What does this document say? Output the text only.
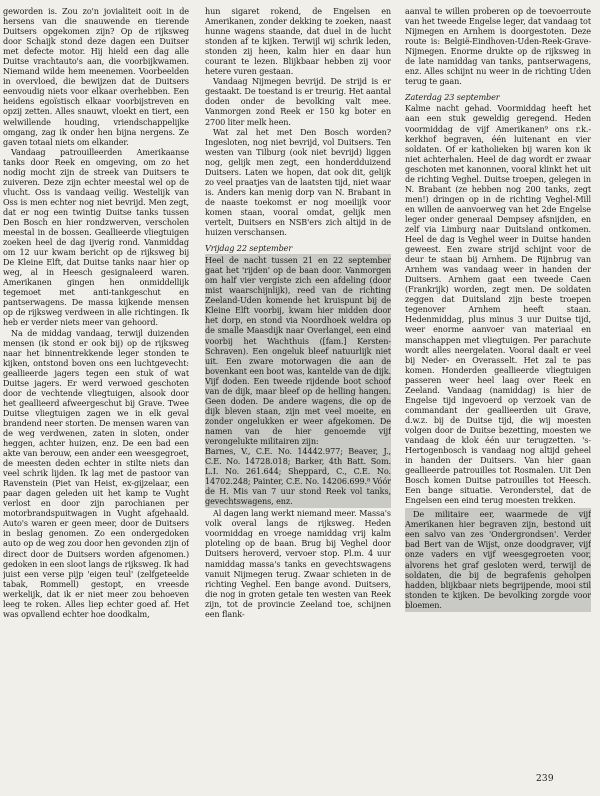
geworden is. Zou zo'n jovialiteit ooit in de hersens van die snauwende en tierende Duitsers opgekomen zijn? Op de rijksweg door Schaijk stond deze dagen een Duitser met defecte motor. Hij hield een dag alle Duitse vrachtauto's aan, die voorbijkwamen. Niemand wilde hem meenemen. Voorbeelden in overvloed, die bewijzen dat de Duitsers eenvoudig niets voor elkaar overhebben. Een heidens egoïstisch elkaar voorbijstreven en opzij zetten. Alles snauwt, vloekt en tiert, een welwillende houding, vriendschappelijke omgang, zag ik onder hen bijna nergens. Ze gaven totaal niets om elkander.

Vandaag patrouilleerden Amerikaanse tanks door Reek en omgeving, om zo het nodig mocht zijn de streek van Duitsers te zuiveren. Deze zijn echter meestal wel op de vlucht. Oss is vandaag veilig. Westelijk van Oss is men echter nog niet bevrijd. Men zegt, dat er nog een twintig Duitse tanks tussen Den Bosch en hier rondzwerven, verscholen meestal in de bossen. Geallieerde vliegtuigen zoeken heel de dag ijverig rond. Vanmiddag om 12 uur kwam bericht op de rijksweg bij De Kleine Elft, dat Duitse tanks naar hier op weg, al in Heesch gesignaleerd waren. Amerikanen gingen hen onmiddellijk tegemoet met anti-tankgeschut en pantserwagens. De massa kijkende mensen op de rijksweg verdween in alle richtingen. Ik heb er verder niets meer van gehoord.

Na de middag vandaag, terwijl duizenden mensen (ik stond er ook bij) op de rijksweg naar het binnentrekkende leger stonden te kijken, ontstond boven ons een luchtgevecht: geallieerde jagers tegen een stuk of wat Duitse jagers. Er werd verwoed geschoten door de vechtende vliegtuigen, alsook door het geallieerd afweergeschut bij Grave. Twee Duitse vliegtuigen zagen we in elk geval brandend neer storten. De mensen waren van de weg verdwenen, zaten in sloten, onder heggen, achter huizen, enz. De een bad een akte van berouw, een ander een weesgegroet, de meesten deden echter in stilte niets dan veel schrik lijden. Ik lag met de pastoor van Ravenstein (Piet van Heist, ex-gijzelaar, een paar dagen geleden uit het kamp te Vught verlost en door zijn parochianen per motorbrandspuitwagen in Vught afgehaald. Auto's waren er geen meer, door de Duitsers in beslag genomen. Zo een ondergedoken auto op de weg zou door hen gevonden zijn of direct door de Duitsers worden afgenomen.) gedoken in een sloot langs de rijksweg. Ik had juist een verse pijp 'eigen teul' (zelfgeteelde tabak, Rommell) gestopt, en vreesde werkelijk, dat ik er niet meer zou behoeven leeg te roken. Alles liep echter goed af. Het was opvallend echter hoe doodkalm,

hun sigaret rokend, de Engelsen en Amerikanen, zonder dekking te zoeken, naast hunne wagens staande, dat duel in de lucht stonden af te kijken. Terwijl wij schrik leden, stonden zij heen, kalm hier en daar hun courant te lezen. Blijkbaar hebben zij voor hetere vuren gestaan.

Vandaag Nijmegen bevrijd. De strijd is er gestaakt. De toestand is er treurig. Het aantal doden onder de bevolking valt mee. Vanmorgen zond Reek er 150 kg boter en 2700 liter melk heen.

Wat zal het met Den Bosch worden? Ingesloten, nog niet bevrijd, vol Duitsers. Ten westen van Tilburg (ook niet bevrijd) liggen nog, gelijk men zegt, een honderdduizend Duitsers. Laten we hopen, dat ook dit, gelijk zo veel praatjes van de laatsten tijd, niet waar is. Anders kan menig dorp van N. Brabant in de naaste toekomst er nog moeilijk voor komen staan, vooral omdat, gelijk men vertelt, Duitsers en NSB'ers zich altijd in de huizen verschansen.

Vrijdag 22 september

Heel de nacht tussen 21 en 22 september gaat het 'rijden' op de baan door. Vanmorgen om half vier vergiste zich een afdeling (door mist waarschijnlijk), reed van de richting Zeeland-Uden komende het kruispunt bij de Kleine Elft voorbij, kwam hier midden door het dorp, en stond via Noordhoek weldra op de smalle Maasdijk naar Overlangel, een eind voorbij het Wachthuis ([fam.] Kersten-Schraven). Een ongeluk bleef natuurlijk niet uit. Een zware motorwagen die aan de bovenkant een boot was, kantelde van de dijk. Vijf doden. Een tweede rijdende boot schoof van de dijk, maar bleef op de helling hangen. Geen doden. De andere wagens, die op de dijk bleven staan, zijn met veel moeite, en zonder ongelukken er weer afgekomen. De namen van de hier genoemde vijf verongelukte militairen zijn:

Barnes, V., C.E. No. 14442.977; Beaver, J., C.E. No. 14728.018; Barker, 4th Batt. Som. L.I. No. 261.644; Sheppard, C., C.E. No. 14702.248; Painter, C.E. No. 14206.699.⁸ Vóór de H. Mis van 7 uur stond Reek vol tanks, gevechtswagens, enz.

Al dagen lang werkt niemand meer. Massa's volk overal langs de rijksweg. Heden voormiddag en vroege namiddag vrij kalm ploteling op de baan. Brug bij Veghel door Duitsers heroverd, vervoer stop. Pl.m. 4 uur namiddag massa's tanks en gevechtswagens vanuit Nijmegen terug. Zwaar schieten in de richting Veghel. Een bange avond. Duitsers, die nog in groten getale ten westen van Reek zijn, tot de provincie Zeeland toe, schijnen een flank-

aanval te willen proberen op de toevoerroute van het tweede Engelse leger, dat vandaag tot Nijmegen en Arnhem is doorgestoten. Deze route is: België-Eindhoven-Uden-Reek-Grave-Nijmegen. Enorme drukte op de rijksweg in de late namiddag van tanks, pantserwagens, enz. Alles schijnt nu weer in de richting Uden terug te gaan.

Zaterdag 23 september

Kalme nacht gehad. Voormiddag heeft het aan een stuk geweldig geregend. Heden voormiddag de vijf Amerikanen⁹ ons r.k.-kerkhof begraven, één luitenant en vier soldaten. Of er katholieken bij waren kon ik niet achterhalen. Heel de dag wordt er zwaar geschoten met kanonnen, vooral klinkt het uit de richting Veghel. Duitse troepen, gelegen in N. Brabant (ze hebben nog 200 tanks, zegt men!) dringen op in de richting Veghel-Mill en willen de aanvoerweg van het 2de Engelse leger onder generaal Dempsey afsnijden, en zelf via Limburg naar Duitsland ontkomen. Heel de dag is Veghel weer in Duitse handen geweest. Een zware strijd schijnt voor de deur te staan bij Arnhem. De Rijnbrug van Arnhem was vandaag weer in handen der Duitsers. Arnhem gaat een tweede Caen (Frankrijk) worden, zegt men. De soldaten zeggen dat Duitsland zijn beste troepen tegenover Arnhem heeft staan. Hedenmiddag, plus minus 3 uur Duitse tijd, weer enorme aanvoer van materiaal en manschappen met vliegtuigen. Per parachute wordt alles neergelaten. Vooral daalt er veel bij Neder- en Overasselt. Het zal te pas komen. Honderden geallieerde vliegtuigen passeren weer heel laag over Reek en Zeeland. Vandaag (namiddag) is hier de Engelse tijd ingevoerd op verzoek van de commandant der geallieerden uit Grave, d.w.z. bij de Duitse tijd, die wij moesten volgen door de Duitse bezetting, moesten we vandaag de klok één uur terugzetten. 's-Hertogenbosch is vandaag nog altijd geheel in handen der Duitsers. Van hier gaan geallieerde patrouilles tot Rosmalen. Uit Den Bosch komen Duitse patrouilles tot Heesch. Een bange situatie. Veronderstel, dat de Engelsen een eind terug moesten trekken.

De militaire eer, waarmede de vijf Amerikanen hier begraven zijn, bestond uit een salvo van zes 'Ondergrondsen'. Verder bad Bert van de Wijst, onze doodgraver, vijf onze vaders en vijf weesgegroeten voor, alvorens het graf gesloten werd, terwijl de soldaten, die bij de begrafenis geholpen hadden, blijkbaar niets begrijpende, mooi stil stonden te kijken. De bevolking zorgde voor bloemen.

239
